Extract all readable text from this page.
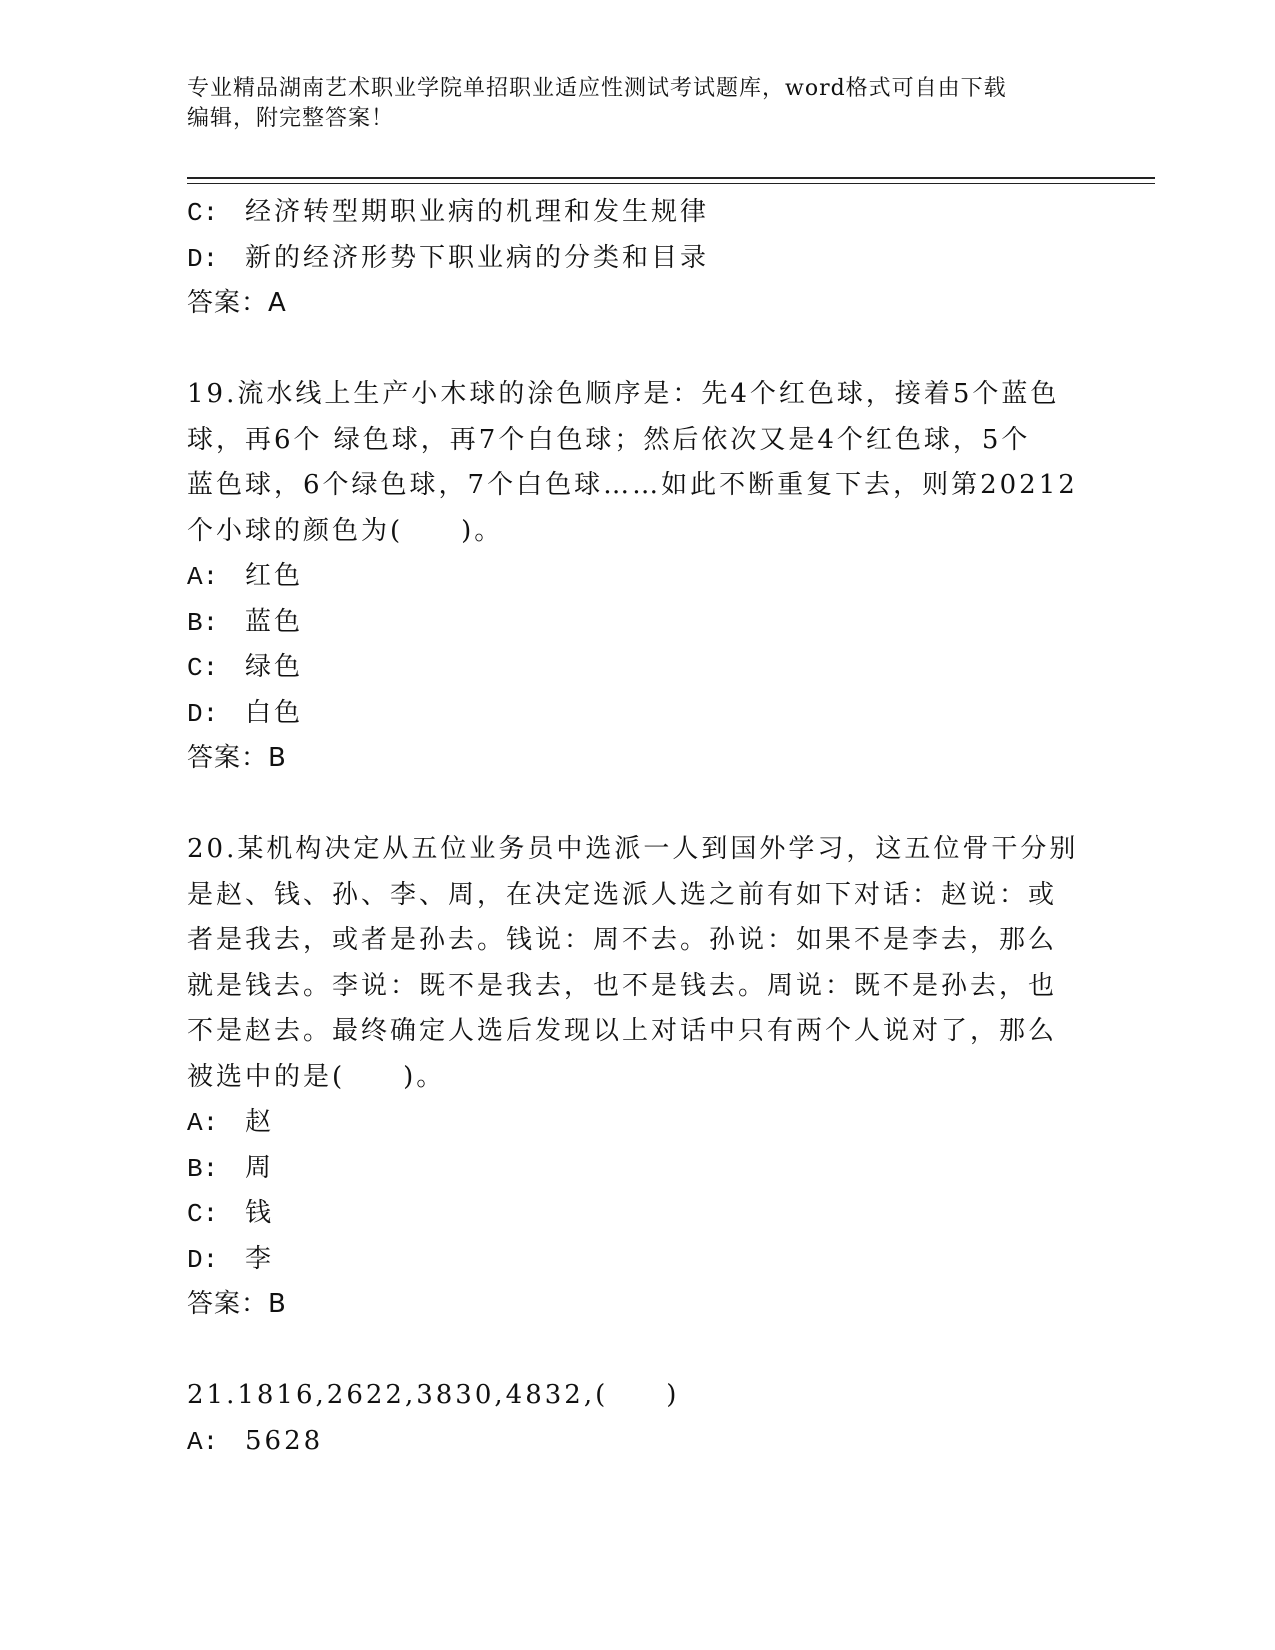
专业精品湖南艺术职业学院单招职业适应性测试考试题库，word格式可自由下载
编辑，附完整答案！
C: 经济转型期职业病的机理和发生规律
D: 新的经济形势下职业病的分类和目录
答案：A
19.流水线上生产小木球的涂色顺序是：先4个红色球，接着5个蓝色
球，再6个 绿色球，再7个白色球；然后依次又是4个红色球，5个
蓝色球，6个绿色球，7个白色球……如此不断重复下去，则第20212
个小球的颜色为(　　)。
A: 红色
B: 蓝色
C: 绿色
D: 白色
答案：B
20.某机构决定从五位业务员中选派一人到国外学习，这五位骨干分别
是赵、钱、孙、李、周，在决定选派人选之前有如下对话：赵说：或
者是我去，或者是孙去。钱说：周不去。孙说：如果不是李去，那么
就是钱去。李说：既不是我去，也不是钱去。周说：既不是孙去，也
不是赵去。最终确定人选后发现以上对话中只有两个人说对了，那么
被选中的是(　　)。
A: 赵
B: 周
C: 钱
D: 李
答案：B
21.1816,2622,3830,4832,(　　)
A: 5628
